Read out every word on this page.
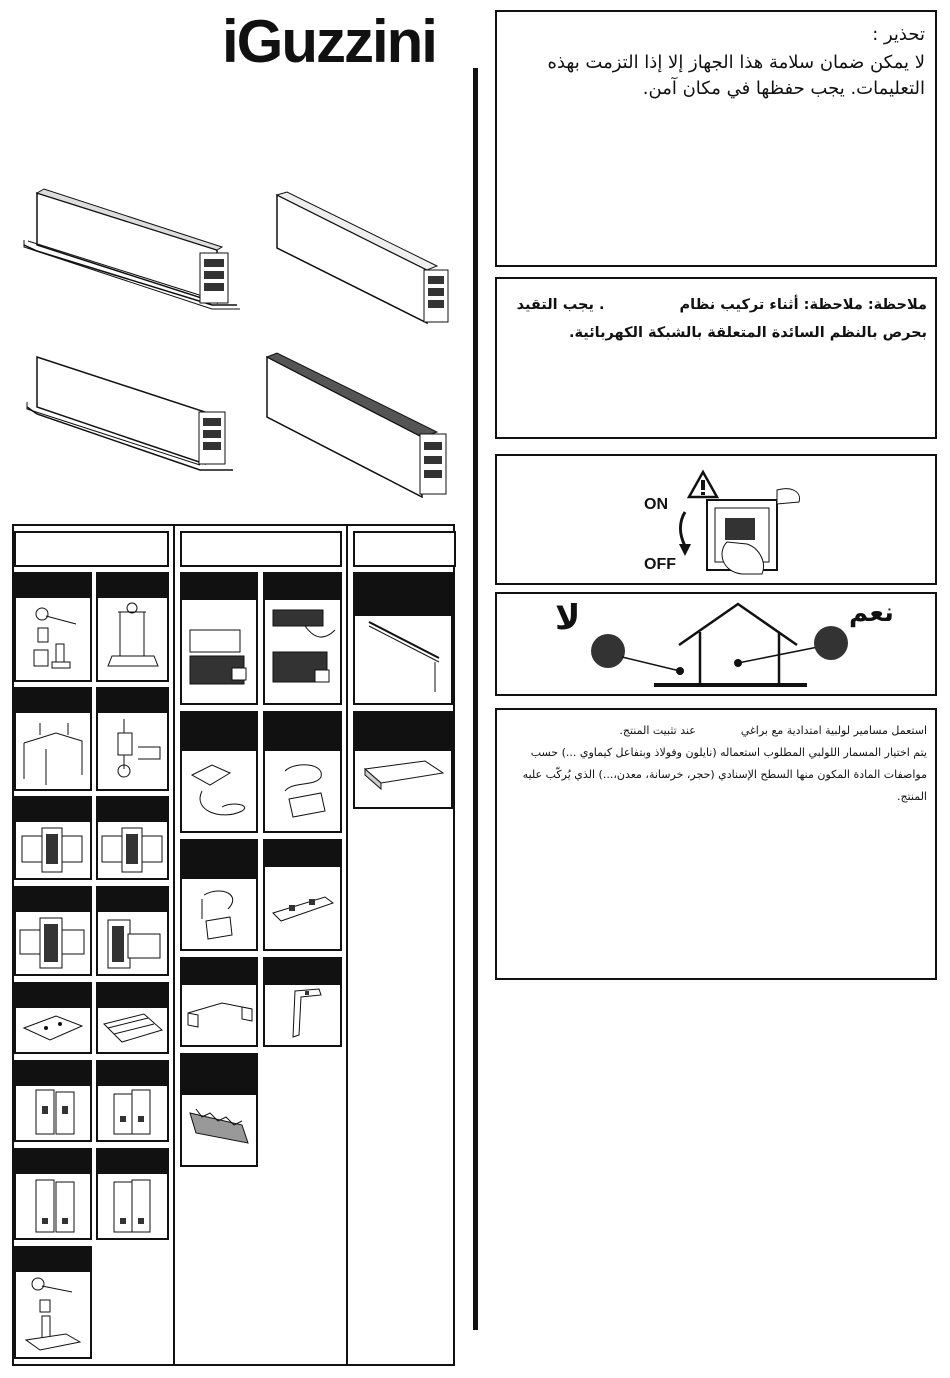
iGuzzini	تحذير :
لا يمكن ضمان سلامة هذا الجهاز إلا إذا التزمت بهذه التعليمات. يجب حفظها في مكان آمن.
ملاحظة: ملاحظة: أثناء تركيب نظام. يجب التقيد بحرص بالنظم السائدة المتعلقة بالشبكة الكهربائية.
ON
OFF
لا	نعم
استعمل مسامير لولبية امتدادية مع براغيعند تثبيت المنتج.
يتم اختيار المسمار اللولبي المطلوب استعماله (نايلون وفولاذ وبتفاعل كيماوي ...) حسب مواصفات المادة المكون منها السطح الإسنادي (حجر، خرسانة، معدن،...) الذي يُركّب عليه المنتج.
